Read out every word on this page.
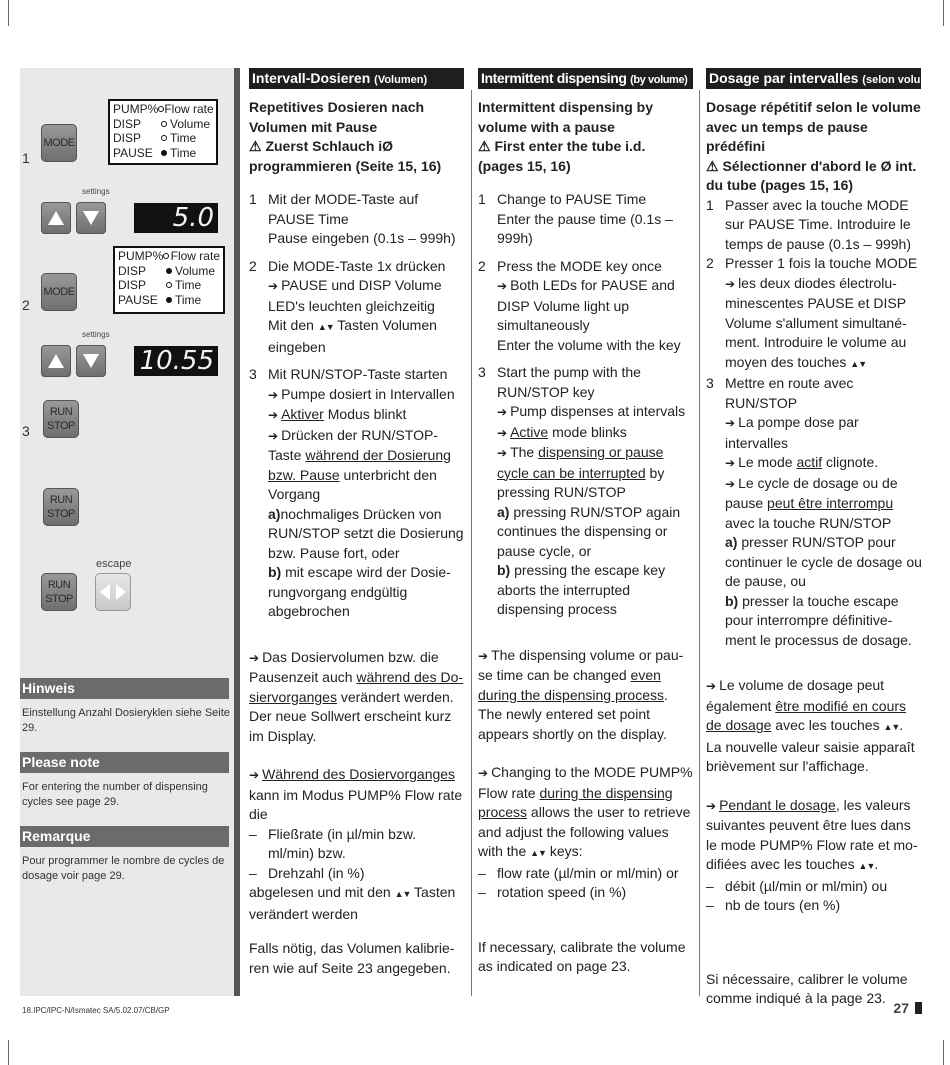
1
MODE
PUMP% Flow rate
DISP	Volume
DISP	Time
PAUSE	Time
settings
5.0
2
MODE
PUMP% Flow rate
DISP	Volume
DISP	Time
PAUSE	Time
settings
10.55
3
RUN
STOP
RUN
STOP
escape
RUN
STOP
Hinweis
Einstellung Anzahl Dosieryklen siehe Seite 29.
Please note
For entering the number of dispensing cycles see page 29.
Remarque
Pour programmer le nombre de cycles de dosage voir page 29.
Intervall-Dosieren (Volumen)	Intermittent dispensing (by volume)	Dosage par intervalles (selon volume)
Repetitives Dosieren nach Volumen mit Pause
⚠ Zuerst Schlauch iØ programmieren (Seite 15, 16)
1 Mit der MODE-Taste auf PAUSE Time
Pause eingeben (0.1s – 999h)
2 Die MODE-Taste 1x drücken
➔ PAUSE und DISP Volume LED's leuchten gleichzeitig
Mit den ▲▼ Tasten Volumen eingeben
3 Mit RUN/STOP-Taste starten
➔ Pumpe dosiert in Intervallen
➔ Aktiver Modus blinkt
➔ Drücken der RUN/STOP-Taste während der Dosierung bzw. Pause unterbricht den Vorgang
a)nochmaliges Drücken von RUN/STOP setzt die Dosierung bzw. Pause fort, oder
b) mit escape wird der Dosie-rungvorgang endgültig abgebrochen

➔ Das Dosiervolumen bzw. die Pausenzeit auch während des Do-siervorganges verändert werden. Der neue Sollwert erscheint kurz im Display.

➔ Während des Dosiervorganges kann im Modus PUMP% Flow rate die

– Fließrate (in µl/min bzw. ml/min) bzw.
– Drehzahl (in %)

abgelesen und mit den ▲▼ Tasten verändert werden

Falls nötig, das Volumen kalibrie-ren wie auf Seite 23 angegeben.

Intermittent dispensing by volume with a pause
⚠ First enter the tube i.d. (pages 15, 16)
1 Change to PAUSE Time
Enter the pause time (0.1s – 999h)
2 Press the MODE key once
➔ Both LEDs for PAUSE and DISP Volume light up simultaneously
Enter the volume with the key
3 Start the pump with the RUN/STOP key
➔ Pump dispenses at intervals
➔ Active mode blinks
➔ The dispensing or pause cycle can be interrupted by pressing RUN/STOP
a) pressing RUN/STOP again continues the dispensing or pause cycle, or
b) pressing the escape key aborts the interrupted dispensing process

➔ The dispensing volume or pau-se time can be changed even during the dispensing process. The newly entered set point appears shortly on the display.

➔ Changing to the MODE PUMP% Flow rate during the dispensing process allows the user to retrieve and adjust the following values with the ▲▼ keys:

– flow rate (µl/min or ml/min) or
– rotation speed (in %)

If necessary, calibrate the volume as indicated on page 23.

Dosage répétitif selon le volume avec un temps de pause prédéfini
⚠ Sélectionner d'abord le Ø int. du tube (pages 15, 16)
1 Passer avec la touche MODE sur PAUSE Time. Introduire le temps de pause (0.1s – 999h)
2 Presser 1 fois la touche MODE
➔ les deux diodes électrolu-minescentes PAUSE et DISP Volume s'allument simultané-ment. Introduire le volume au moyen des touches ▲▼
3 Mettre en route avec RUN/STOP
➔ La pompe dose par intervalles
➔ Le mode actif clignote.
➔ Le cycle de dosage ou de pause peut être interrompu avec la touche RUN/STOP
a) presser RUN/STOP pour continuer le cycle de dosage ou de pause, ou
b) presser la touche escape pour interrompre définitive-ment le processus de dosage.

➔ Le volume de dosage peut également être modifié en cours de dosage avec les touches ▲▼. La nouvelle valeur saisie apparaît brièvement sur l'affichage.

➔ Pendant le dosage, les valeurs suivantes peuvent être lues dans le mode PUMP% Flow rate et mo-difiées avec les touches ▲▼.

– débit (µl/min or ml/min) ou
– nb de tours (en %)

Si nécessaire, calibrer le volume comme indiqué à la page 23.

18.IPC/IPC-N/Ismatec SA/5.02.07/CB/GP	27
